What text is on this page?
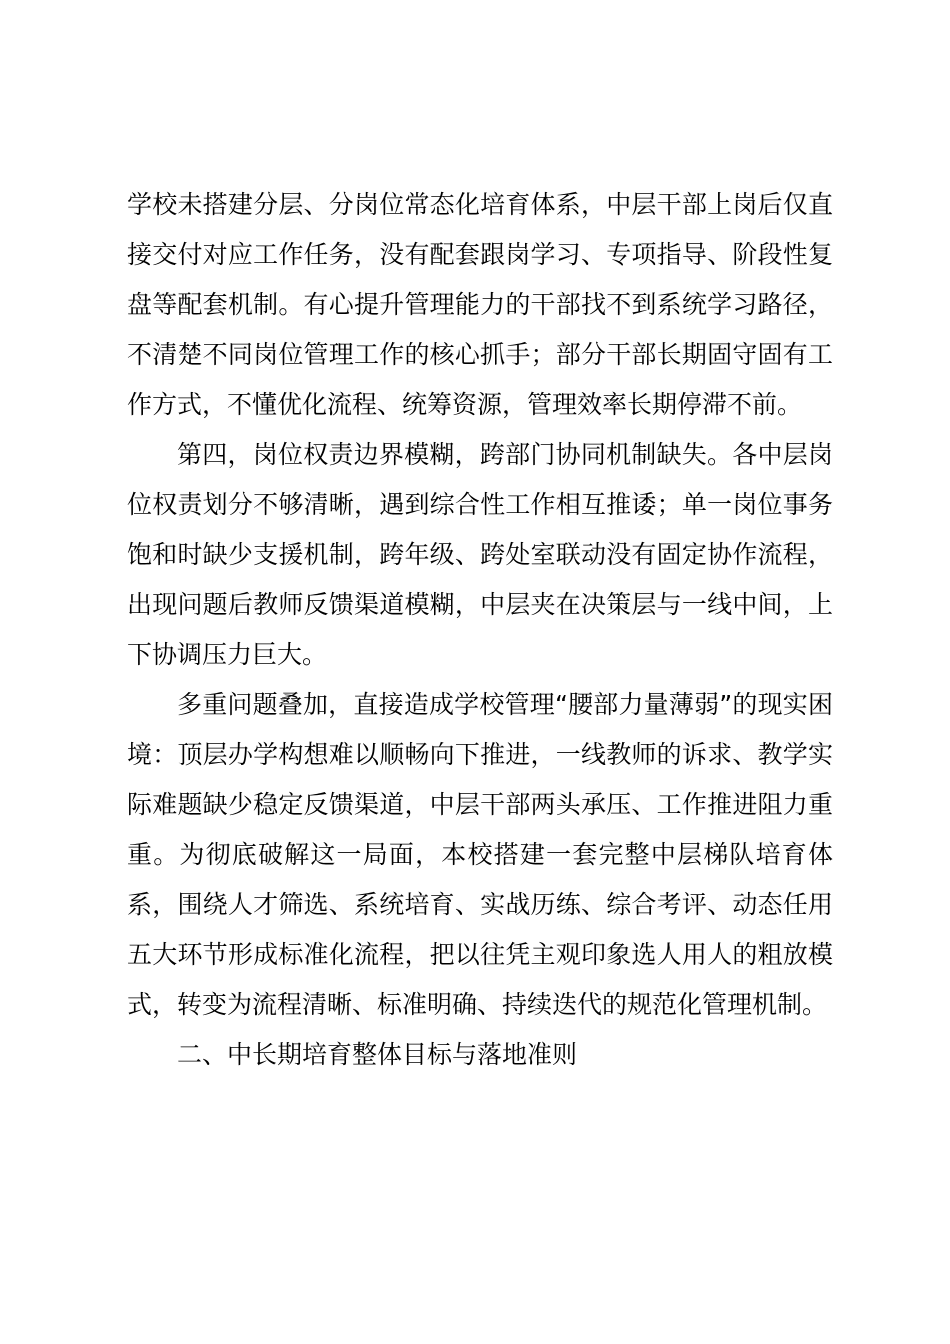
学校未搭建分层、分岗位常态化培育体系，中层干部上岗后仅直接交付对应工作任务，没有配套跟岗学习、专项指导、阶段性复盘等配套机制。有心提升管理能力的干部找不到系统学习路径，不清楚不同岗位管理工作的核心抓手；部分干部长期固守固有工作方式，不懂优化流程、统筹资源，管理效率长期停滞不前。

第四，岗位权责边界模糊，跨部门协同机制缺失。各中层岗位权责划分不够清晰，遇到综合性工作相互推诿；单一岗位事务饱和时缺少支援机制，跨年级、跨处室联动没有固定协作流程，出现问题后教师反馈渠道模糊，中层夹在决策层与一线中间，上下协调压力巨大。

多重问题叠加，直接造成学校管理“腰部力量薄弱”的现实困境：顶层办学构想难以顺畅向下推进，一线教师的诉求、教学实际难题缺少稳定反馈渠道，中层干部两头承压、工作推进阻力重重。为彻底破解这一局面，本校搭建一套完整中层梯队培育体系，围绕人才筛选、系统培育、实战历练、综合考评、动态任用五大环节形成标准化流程，把以往凭主观印象选人用人的粗放模式，转变为流程清晰、标准明确、持续迭代的规范化管理机制。

二、中长期培育整体目标与落地准则
